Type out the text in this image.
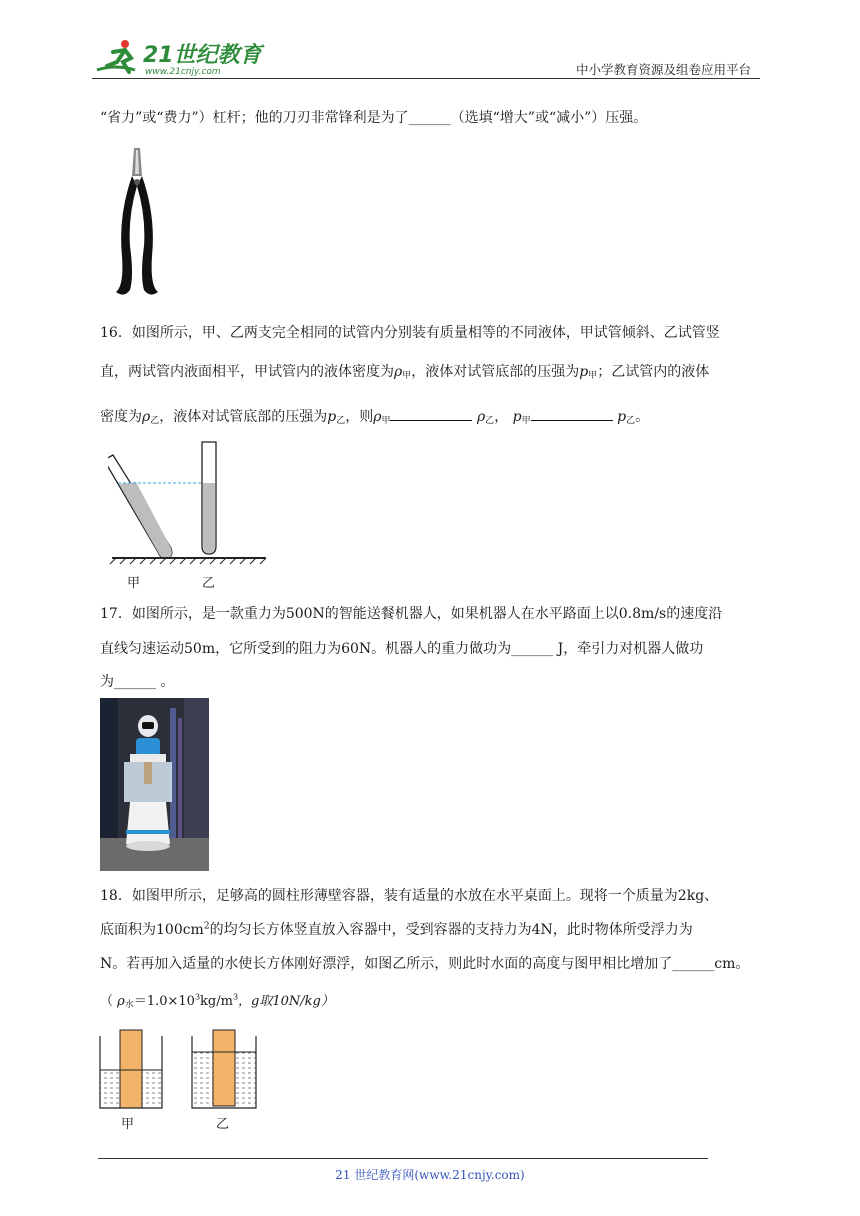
21世纪教育
www.21cnjy.com	中小学教育资源及组卷应用平台
“省力”或“费力”）杠杆；他的刀刃非常锋利是为了______（选填“增大”或“减小”）压强。
16．如图所示，甲、乙两支完全相同的试管内分别装有质量相等的不同液体，甲试管倾斜、乙试管竖
直，两试管内液面相平，甲试管内的液体密度为$\rho_甲$，液体对试管底部的压强为$p_甲$；乙试管内的液体
密度为$\rho_乙$，液体对试管底部的压强为$p_乙$，则$\rho_甲$	$\rho_乙$， $p_甲$	$p_乙$。
甲	乙
17．如图所示，是一款重力为500N的智能送餐机器人，如果机器人在水平路面上以0.8m/s的速度沿
直线匀速运动50m，它所受到的阻力为60N。机器人的重力做功为______ J，牵引力对机器人做功
为______ 。
18．如图甲所示，足够高的圆柱形薄壁容器，装有适量的水放在水平桌面上。现将一个质量为2kg、
底面积为$100cm^2$的均匀长方体竖直放入容器中，受到容器的支持力为4N，此时物体所受浮力为
N。若再加入适量的水使长方体刚好漂浮，如图乙所示，则此时水面的高度与图甲相比增加了______cm。
（ $\rho_水=1.0\times 10^3kg/m^3$，g取10N/kg）
甲	乙
21 世纪教育网(www.21cnjy.com)
